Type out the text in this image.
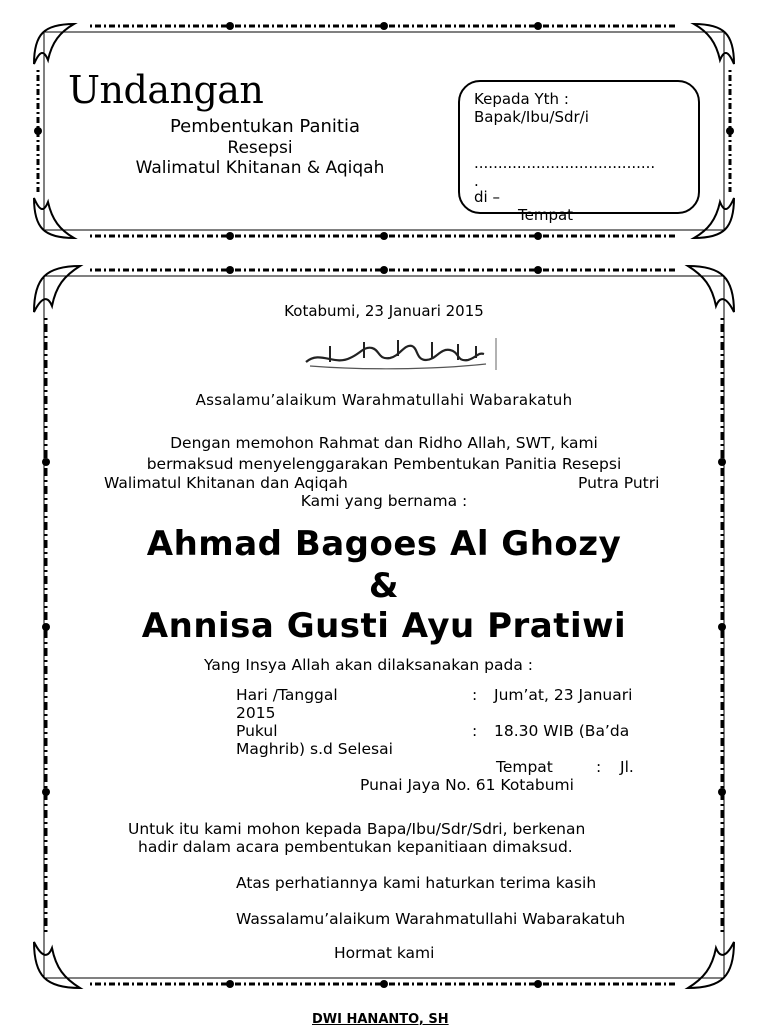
Undangan
Pembentukan Panitia
Resepsi
Walimatul Khitanan & Aqiqah
Kepada Yth :
Bapak/Ibu/Sdr/i
......................................
.
di –
Tempat
Kotabumi, 23 Januari 2015
Assalamu’alaikum Warahmatullahi Wabarakatuh
Dengan memohon Rahmat dan Ridho Allah, SWT, kami
bermaksud menyelenggarakan Pembentukan Panitia Resepsi
Walimatul Khitanan dan Aqiqah	Putra Putri
Kami yang bernama :
Ahmad Bagoes Al Ghozy
&
Annisa Gusti Ayu Pratiwi
Yang Insya Allah akan dilaksanakan pada :
Hari /Tanggal	: Jum’at, 23 Januari
2015
Pukul	: 18.30 WIB (Ba’da
Maghrib) s.d Selesai
Tempat	: Jl.
Punai Jaya No. 61 Kotabumi
Untuk itu kami mohon kepada Bapa/Ibu/Sdr/Sdri, berkenan
hadir dalam acara pembentukan kepanitiaan dimaksud.
Atas perhatiannya kami haturkan terima kasih
Wassalamu’alaikum Warahmatullahi Wabarakatuh
Hormat kami
DWI HANANTO, SH
